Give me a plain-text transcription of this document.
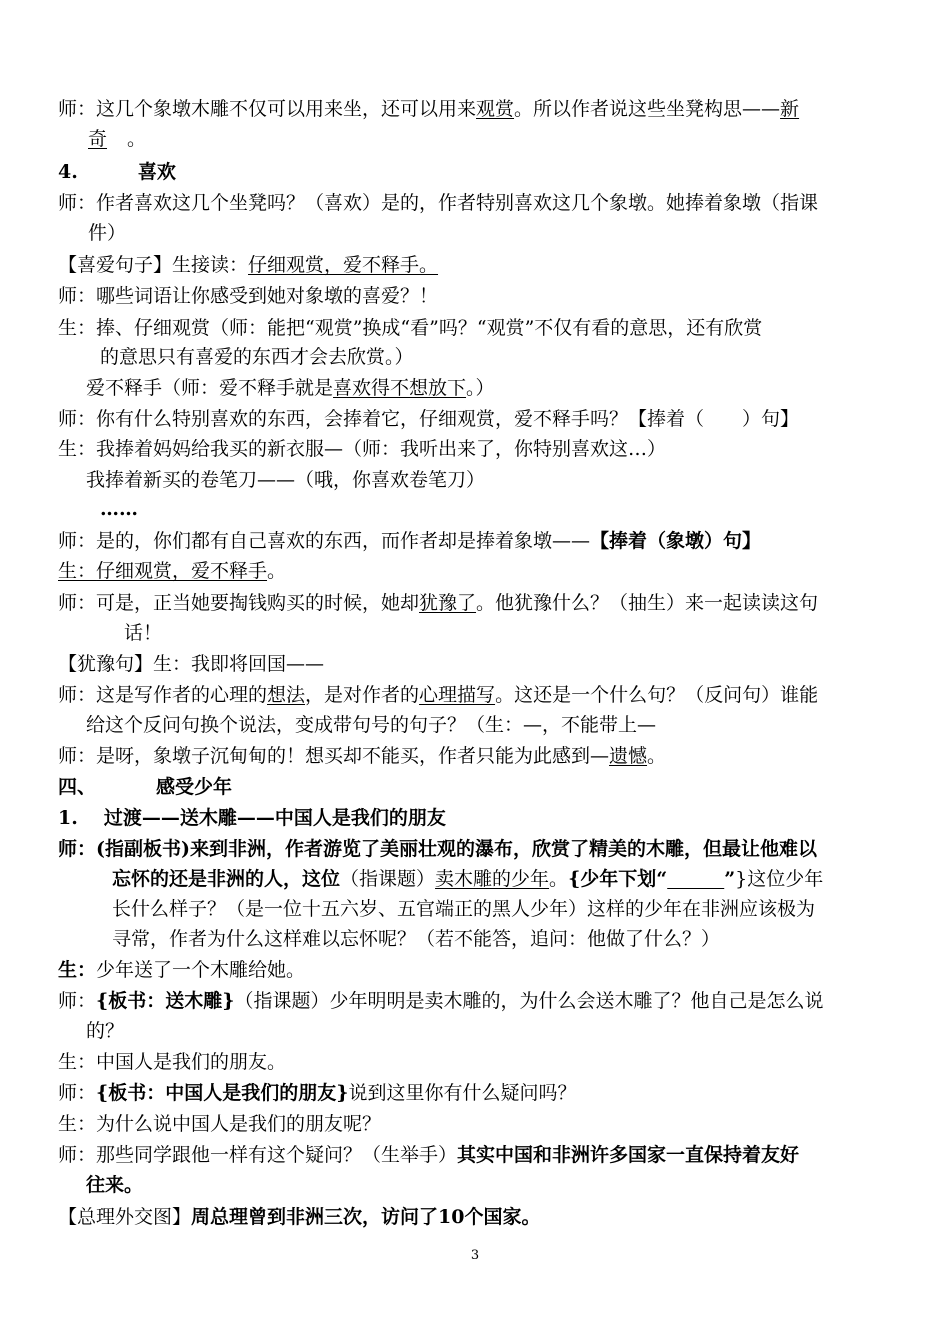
师：这几个象墩木雕不仅可以用来坐，还可以用来观赏。所以作者说这些坐凳构思——新
奇 。
4.	喜欢
师：作者喜欢这几个坐凳吗？（喜欢）是的，作者特别喜欢这几个象墩。她捧着象墩（指课
件）
【喜爱句子】生接读：仔细观赏，爱不释手。
师：哪些词语让你感受到她对象墩的喜爱？！
生：捧、仔细观赏（师：能把“观赏”换成“看”吗？“观赏”不仅有看的意思，还有欣赏
的意思只有喜爱的东西才会去欣赏。）
爱不释手（师：爱不释手就是喜欢得不想放下。）
师：你有什么特别喜欢的东西，会捧着它，仔细观赏，爱不释手吗？【捧着（　　）句】
生：我捧着妈妈给我买的新衣服—（师：我听出来了，你特别喜欢这…）
我捧着新买的卷笔刀——（哦，你喜欢卷笔刀）
……
师：是的，你们都有自己喜欢的东西，而作者却是捧着象墩——【捧着（象墩）句】
生：仔细观赏，爱不释手。
师：可是，正当她要掏钱购买的时候，她却犹豫了。他犹豫什么？（抽生）来一起读读这句
话！
【犹豫句】生：我即将回国——
师：这是写作者的心理的想法，是对作者的心理描写。这还是一个什么句？（反问句）谁能
给这个反问句换个说法，变成带句号的句子？（生：—，不能带上—
师：是呀，象墩子沉甸甸的！想买却不能买，作者只能为此感到—遗憾。
四、	感受少年
1. 过渡——送木雕——中国人是我们的朋友
师：(指副板书)来到非洲，作者游览了美丽壮观的瀑布，欣赏了精美的木雕，但最让他难以
忘怀的还是非洲的人，这位（指课题）卖木雕的少年。{少年下划“　　　	”}这位少年
长什么样子？（是一位十五六岁、五官端正的黑人少年）这样的少年在非洲应该极为
寻常，作者为什么这样难以忘怀呢？（若不能答，追问：他做了什么？）
生：少年送了一个木雕给她。
师：{板书：送木雕}（指课题）少年明明是卖木雕的，为什么会送木雕了？他自己是怎么说
的？
生：中国人是我们的朋友。
师：{板书：中国人是我们的朋友}说到这里你有什么疑问吗？
生：为什么说中国人是我们的朋友呢？
师：那些同学跟他一样有这个疑问？（生举手）其实中国和非洲许多国家一直保持着友好
往来。
【总理外交图】周总理曾到非洲三次，访问了10个国家。
3
